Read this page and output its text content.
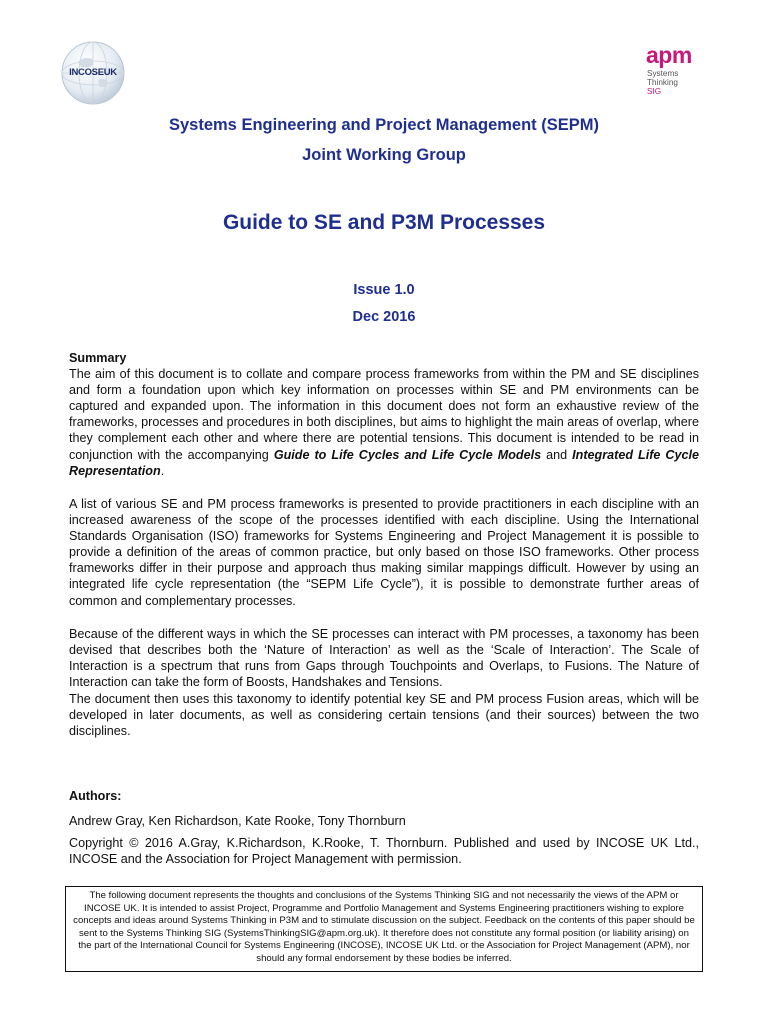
INCOSEUK
apm
Systems
Thinking
SIG
Systems Engineering and Project Management (SEPM)
Joint Working Group
Guide to SE and P3M Processes
Issue 1.0
Dec 2016

Summary

The aim of this document is to collate and compare process frameworks from within the PM and SE disciplines and form a foundation upon which key information on processes within SE and PM environments can be captured and expanded upon. The information in this document does not form an exhaustive review of the frameworks, processes and procedures in both disciplines, but aims to highlight the main areas of overlap, where they complement each other and where there are potential tensions. This document is intended to be read in conjunction with the accompanying Guide to Life Cycles and Life Cycle Models and Integrated Life Cycle Representation.

A list of various SE and PM process frameworks is presented to provide practitioners in each discipline with an increased awareness of the scope of the processes identified with each discipline. Using the International Standards Organisation (ISO) frameworks for Systems Engineering and Project Management it is possible to provide a definition of the areas of common practice, but only based on those ISO frameworks. Other process frameworks differ in their purpose and approach thus making similar mappings difficult. However by using an integrated life cycle representation (the “SEPM Life Cycle”), it is possible to demonstrate further areas of common and complementary processes.
Because of the different ways in which the SE processes can interact with PM processes, a taxonomy has been devised that describes both the ‘Nature of Interaction’ as well as the ‘Scale of Interaction’. The Scale of Interaction is a spectrum that runs from Gaps through Touchpoints and Overlaps, to Fusions. The Nature of Interaction can take the form of Boosts, Handshakes and Tensions.
The document then uses this taxonomy to identify potential key SE and PM process Fusion areas, which will be developed in later documents, as well as considering certain tensions (and their sources) between the two disciplines.
Authors:
Andrew Gray, Ken Richardson, Kate Rooke, Tony Thornburn
Copyright © 2016 A.Gray, K.Richardson, K.Rooke, T. Thornburn. Published and used by INCOSE UK Ltd., INCOSE and the Association for Project Management with permission.
The following document represents the thoughts and conclusions of the Systems Thinking SIG and not necessarily the views of the APM or INCOSE UK. It is intended to assist Project, Programme and Portfolio Management and Systems Engineering practitioners wishing to explore concepts and ideas around Systems Thinking in P3M and to stimulate discussion on the subject. Feedback on the contents of this paper should be sent to the Systems Thinking SIG (SystemsThinkingSIG@apm.org.uk). It therefore does not constitute any formal position (or liability arising) on the part of the International Council for Systems Engineering (INCOSE), INCOSE UK Ltd. or the Association for Project Management (APM), nor should any formal endorsement by these bodies be inferred.
